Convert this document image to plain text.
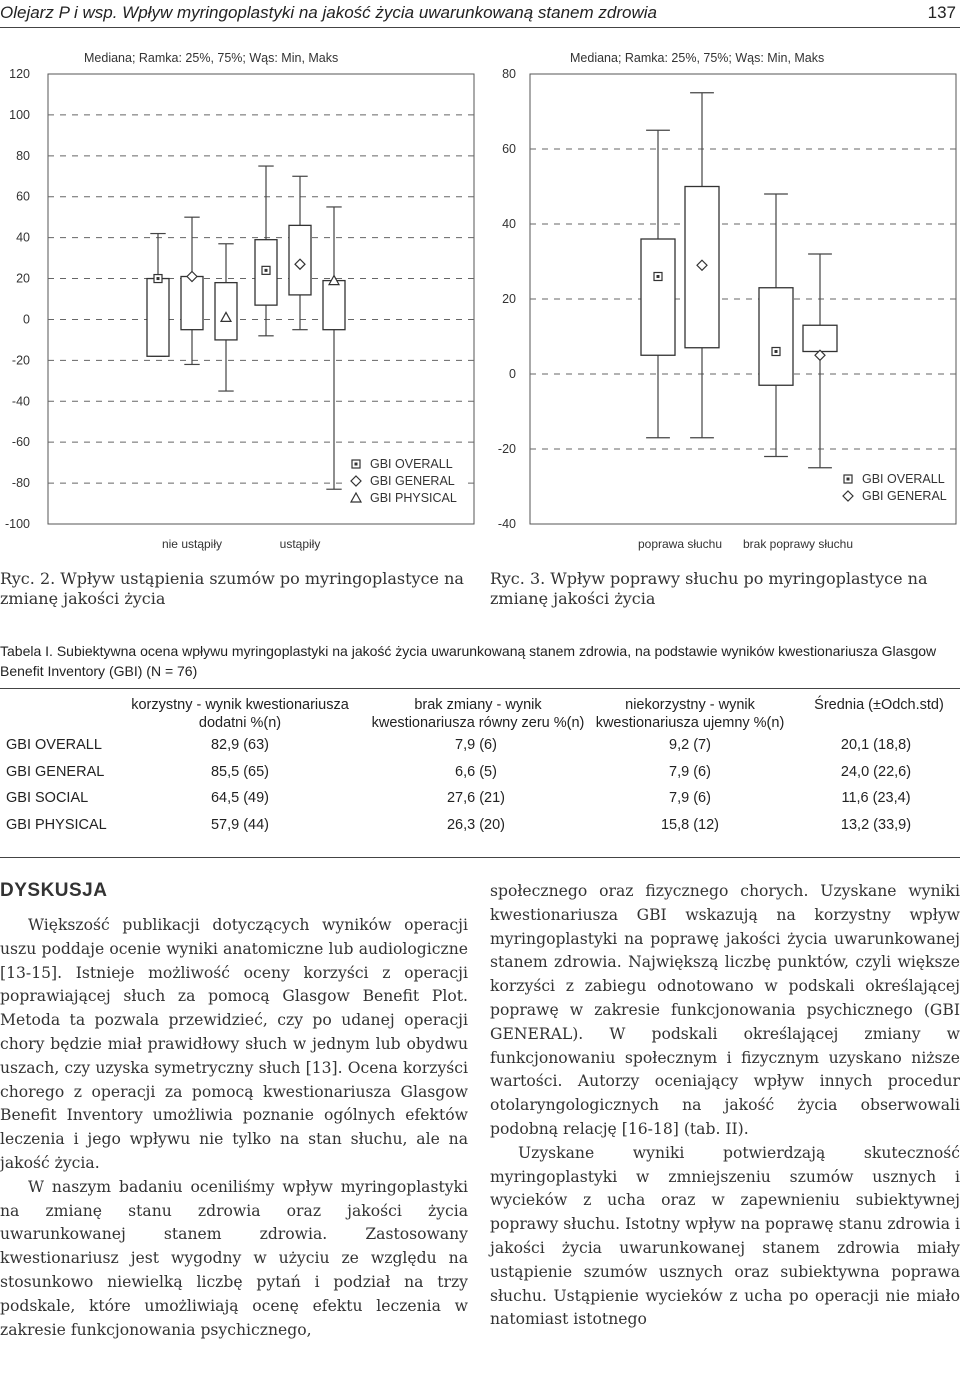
Olejarz P i wsp. Wpływ myringoplastyki na jakość życia uwarunkowaną stanem zdrowia	137
Mediana; Ramka: 25%, 75%; Wąs: Min, Maks
120
100
80
60
40
20
0
-20
-40
-60
-80
-100
nie ustąpiły	ustąpiły
GBI OVERALL
GBI GENERAL
GBI PHYSICAL
Mediana; Ramka: 25%, 75%; Wąs: Min, Maks
80
60
40
20
0
-20
-40
poprawa słuchu brak poprawy słuchu
GBI OVERALL
GBI GENERAL
Ryc. 2. Wpływ ustąpienia szumów po myringoplastyce na zmianę jakości życia
Ryc. 3. Wpływ poprawy słuchu po myringoplastyce na zmianę jakości życia
Tabela I. Subiektywna ocena wpływu myringoplastyki na jakość życia uwarunkowaną stanem zdrowia, na podstawie wyników kwestionariusza Glasgow Benefit Inventory (GBI) (N = 76)
korzystny - wynik kwestionariusza dodatni %(n)
brak zmiany - wynik kwestionariusza równy zeru %(n)
niekorzystny - wynik kwestionariusza ujemny %(n)
Średnia (±Odch.std)
GBI OVERALL	82,9 (63)	7,9 (6)	9,2 (7)	20,1 (18,8)
GBI GENERAL	85,5 (65)	6,6 (5)	7,9 (6)	24,0 (22,6)
GBI SOCIAL	64,5 (49)	27,6 (21)	7,9 (6)	11,6 (23,4)
GBI PHYSICAL	57,9 (44)	26,3 (20)	15,8 (12)	13,2 (33,9)
DYSKUSJA

Większość publikacji dotyczących wyników operacji uszu poddaje ocenie wyniki anatomiczne lub audiologiczne [13-15]. Istnieje możliwość oceny korzyści z operacji poprawiającej słuch za pomocą Glasgow Benefit Plot. Metoda ta pozwala przewidzieć, czy po udanej operacji chory będzie miał prawidłowy słuch w jednym lub obydwu uszach, czy uzyska symetryczny słuch [13]. Ocena korzyści chorego z operacji za pomocą kwestionariusza Glasgow Benefit Inventory umożliwia poznanie ogólnych efektów leczenia i jego wpływu nie tylko na stan słuchu, ale na jakość życia.

W naszym badaniu oceniliśmy wpływ myringoplastyki na zmianę stanu zdrowia oraz jakości życia uwarunkowanej stanem zdrowia. Zastosowany kwestionariusz jest wygodny w użyciu ze względu na stosunkowo niewielką liczbę pytań i podział na trzy podskale, które umożliwiają ocenę efektu leczenia w zakresie funkcjonowania psychicznego,

społecznego oraz fizycznego chorych. Uzyskane wyniki kwestionariusza GBI wskazują na korzystny wpływ myringoplastyki na poprawę jakości życia uwarunkowanej stanem zdrowia. Największą liczbę punktów, czyli większe korzyści z zabiegu odnotowano w podskali określającej poprawę w zakresie funkcjonowania psychicznego (GBI GENERAL). W podskali określającej zmiany w funkcjonowaniu społecznym i fizycznym uzyskano niższe wartości. Autorzy oceniający wpływ innych procedur otolaryngologicznych na jakość życia obserwowali podobną relację [16-18] (tab. II).

Uzyskane wyniki potwierdzają skuteczność myringoplastyki w zmniejszeniu szumów usznych i wycieków z ucha oraz w zapewnieniu subiektywnej poprawy słuchu. Istotny wpływ na poprawę stanu zdrowia i jakości życia uwarunkowanej stanem zdrowia miały ustąpienie szumów usznych oraz subiektywna poprawa słuchu. Ustąpienie wycieków z ucha po operacji nie miało natomiast istotnego
